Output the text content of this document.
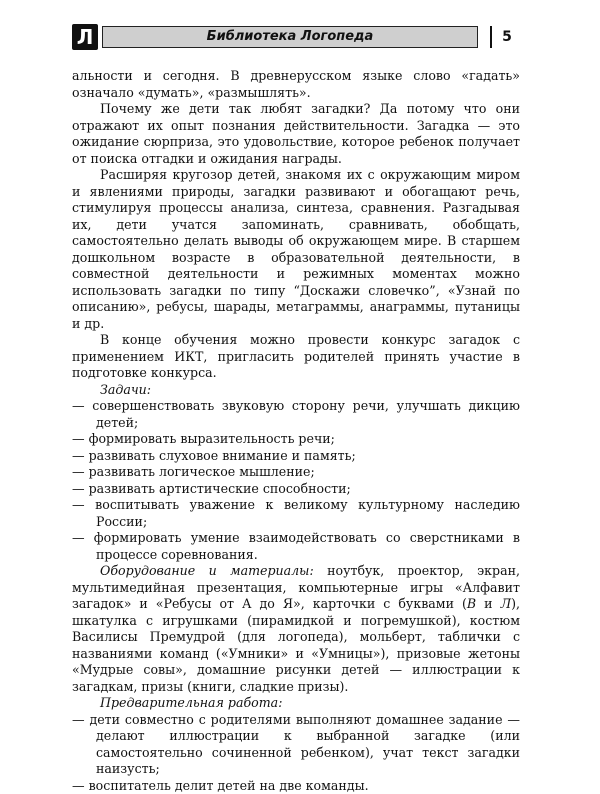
Л	Библиотека Логопеда	5

альности и сегодня. В древнерусском языке слово «гадать» означало «думать», «размышлять».

Почему же дети так любят загадки? Да потому что они отражают их опыт познания действительности. Загадка — это ожидание сюрприза, это удовольствие, которое ребенок получает от поиска отгадки и ожидания награды.

Расширяя кругозор детей, знакомя их с окружающим миром и явлениями природы, загадки развивают и обогащают речь, стимулируя процессы анализа, синтеза, сравнения. Разгадывая их, дети учатся запоминать, сравнивать, обобщать, самостоятельно делать выводы об окружающем мире. В старшем дошкольном возрасте в образовательной деятельности, в совместной деятельности и режимных моментах можно использовать загадки по типу “Доскажи словечко”, «Узнай по описанию», ребусы, шарады, метаграммы, анаграммы, путаницы и др.

В конце обучения можно провести конкурс загадок с применением ИКТ, пригласить родителей принять участие в подготовке конкурса.

Задачи:

— совершенствовать звуковую сторону речи, улучшать дикцию детей;

— формировать выразительность речи;

— развивать слуховое внимание и память;

— развивать логическое мышление;

— развивать артистические способности;

— воспитывать уважение к великому культурному наследию России;

— формировать умение взаимодействовать со сверстниками в процессе соревнования.

Оборудование и материалы: ноутбук, проектор, экран, мультимедийная презентация, компьютерные игры «Алфавит загадок» и «Ребусы от А до Я», карточки с буквами (В и Л), шкатулка с игрушками (пирамидкой и погремушкой), костюм Василисы Премудрой (для логопеда), мольберт, таблички с названиями команд («Умники» и «Умницы»), призовые жетоны «Мудрые совы», домашние рисунки детей — иллюстрации к загадкам, призы (книги, сладкие призы).

Предварительная работа:

— дети совместно с родителями выполняют домашнее задание — делают иллюстрации к выбранной загадке (или самостоятельно сочиненной ребенком), учат текст загадки наизусть;

— воспитатель делит детей на две команды.
